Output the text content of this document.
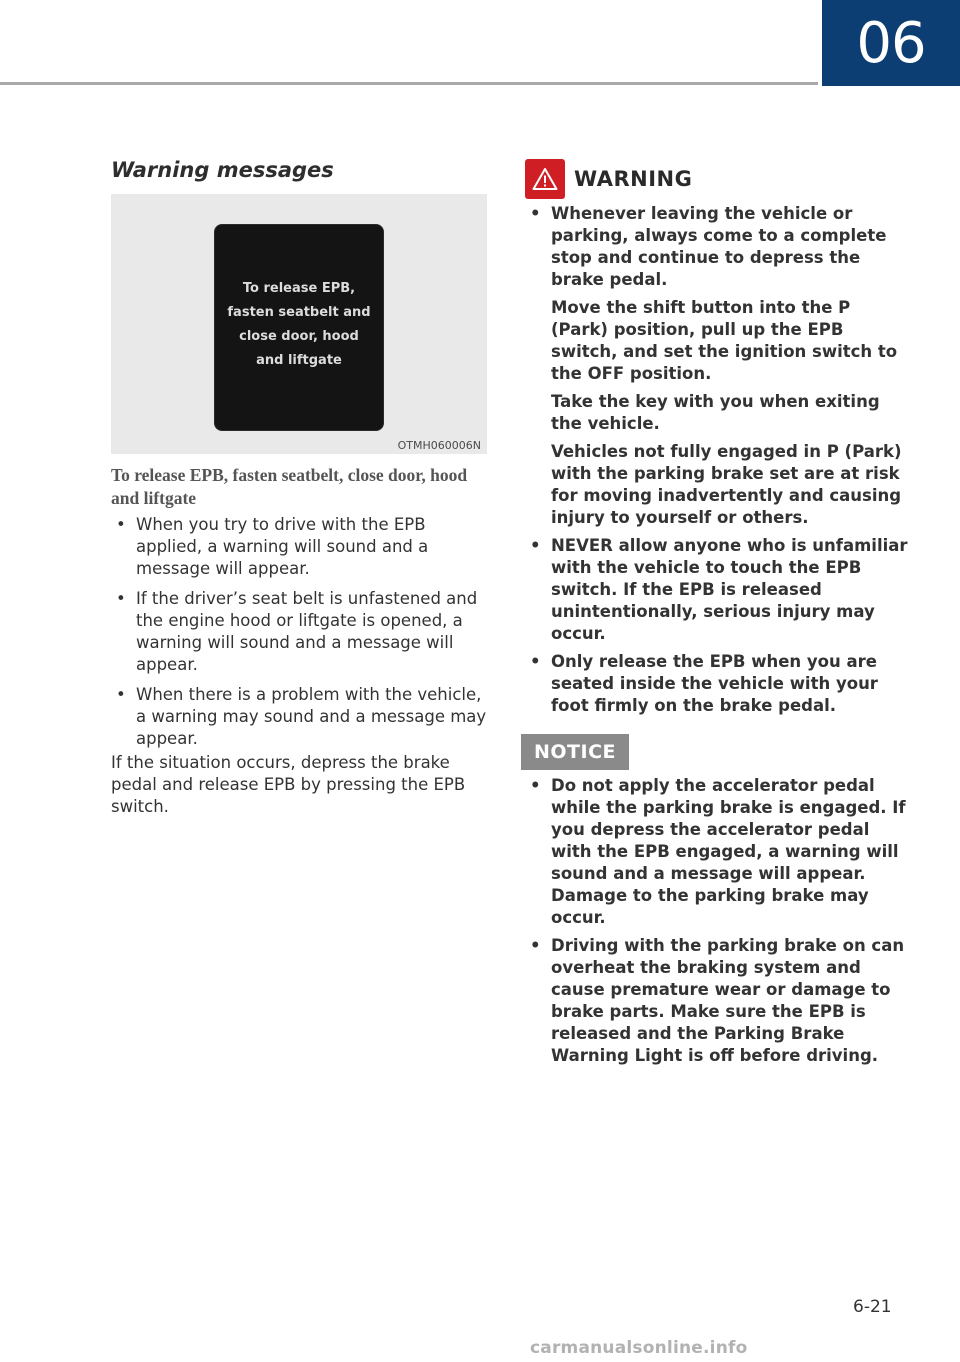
06
Warning messages
To release EPB,
fasten seatbelt and
close door, hood
and liftgate
OTMH060006N
To release EPB, fasten seatbelt, close door, hood and liftgate
• When you try to drive with the EPB applied, a warning will sound and a message will appear.
• If the driver’s seat belt is unfastened and the engine hood or liftgate is opened, a warning will sound and a message will appear.
• When there is a problem with the vehicle, a warning may sound and a message may appear.
If the situation occurs, depress the brake pedal and release EPB by pressing the EPB switch.
WARNING
• Whenever leaving the vehicle or parking, always come to a complete stop and continue to depress the brake pedal.

Move the shift button into the P (Park) position, pull up the EPB switch, and set the ignition switch to the OFF position.

Take the key with you when exiting the vehicle.

Vehicles not fully engaged in P (Park) with the parking brake set are at risk for moving inadvertently and causing injury to yourself or others.

• NEVER allow anyone who is unfamiliar with the vehicle to touch the EPB switch. If the EPB is released unintentionally, serious injury may occur.

• Only release the EPB when you are seated inside the vehicle with your foot firmly on the brake pedal.

NOTICE
• Do not apply the accelerator pedal while the parking brake is engaged. If you depress the accelerator pedal with the EPB engaged, a warning will sound and a message will appear. Damage to the parking brake may occur.
• Driving with the parking brake on can overheat the braking system and cause premature wear or damage to brake parts. Make sure the EPB is released and the Parking Brake Warning Light is off before driving.
6-21
carmanualsonline.info
